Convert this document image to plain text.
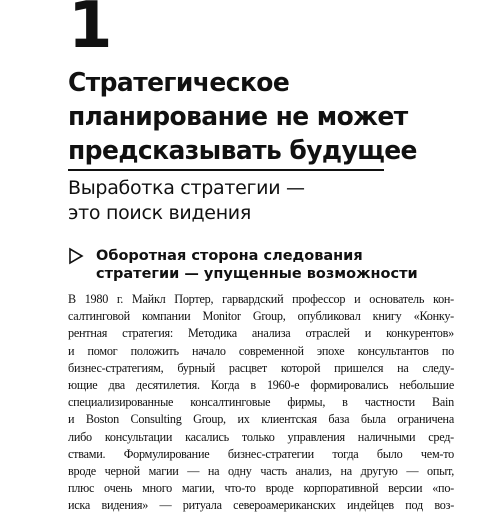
1
Стратегическое
планирование не может
предсказывать будущее
Выработка стратегии —
это поиск видения
Оборотная сторона следования
стратегии — упущенные возможности
В 1980 г. Майкл Портер, гарвардский профессор и основатель кон-
салтинговой компании Monitor Group, опубликовал книгу «Конку-
рентная стратегия: Методика анализа отраслей и конкурентов»
и помог положить начало современной эпохе консультантов по
бизнес-стратегиям, бурный расцвет которой пришелся на следу-
ющие два десятилетия. Когда в 1960-е формировались небольшие
специализированные консалтинговые фирмы, в частности Bain
и Boston Consulting Group, их клиентская база была ограничена
либо консультации касались только управления наличными сред-
ствами. Формулирование бизнес-стратегии тогда было чем-то
вроде черной магии — на одну часть анализ, на другую — опыт,
плюс очень много магии, что-то вроде корпоративной версии «по-
иска видения» — ритуала североамериканских индейцев под воз-
